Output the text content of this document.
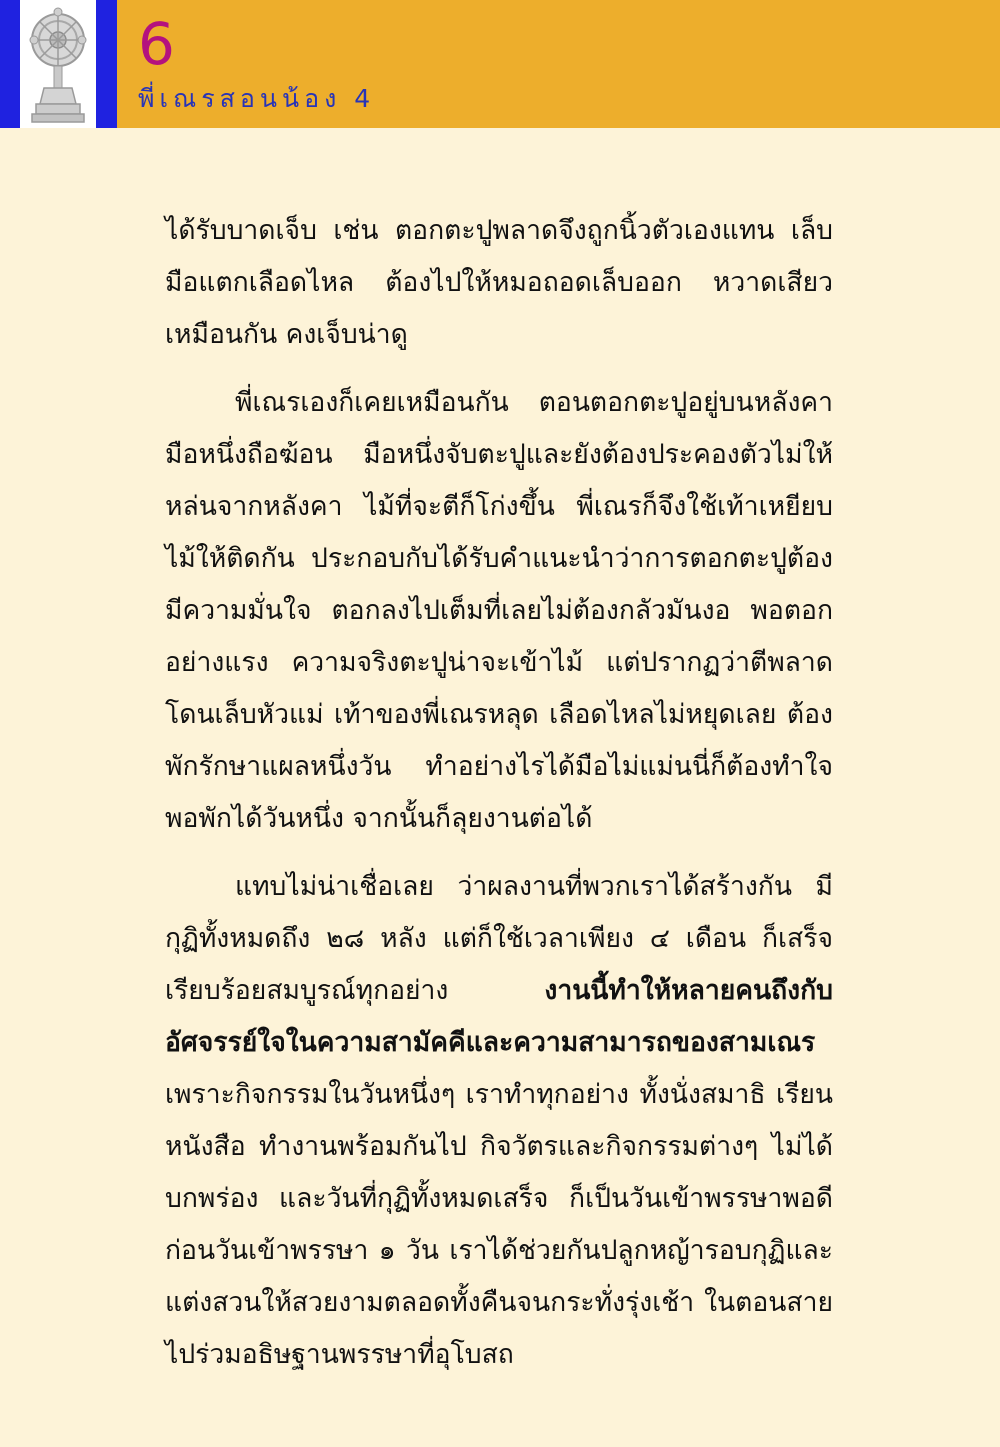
6
พี่เณรสอนน้อง 4

ได้รับบาดเจ็บ เช่น ตอกตะปูพลาดจึงถูกนิ้วตัวเองแทน เล็บมือแตกเลือดไหล ต้องไปให้หมอถอดเล็บออก หวาดเสียวเหมือนกัน คงเจ็บน่าดู

พี่เณรเองก็เคยเหมือนกัน ตอนตอกตะปูอยู่บนหลังคา มือหนึ่งถือฆ้อน มือหนึ่งจับตะปูและยังต้องประคองตัวไม่ให้หล่นจากหลังคา ไม้ที่จะตีก็โก่งขึ้น พี่เณรก็จึงใช้เท้าเหยียบไม้ให้ติดกัน ประกอบกับได้รับคำแนะนำว่าการตอกตะปูต้องมีความมั่นใจ ตอกลงไปเต็มที่เลยไม่ต้องกลัวมันงอ พอตอกอย่างแรง ความจริงตะปูน่าจะเข้าไม้ แต่ปรากฏว่าตีพลาด โดนเล็บหัวแม่ เท้าของพี่เณรหลุด เลือดไหลไม่หยุดเลย ต้องพักรักษาแผลหนึ่งวัน ทำอย่างไรได้มือไม่แม่นนี่ก็ต้องทำใจ พอพักได้วันหนึ่ง จากนั้นก็ลุยงานต่อได้

แทบไม่น่าเชื่อเลย ว่าผลงานที่พวกเราได้สร้างกัน มีกุฏิทั้งหมดถึง ๒๘ หลัง แต่ก็ใช้เวลาเพียง ๔ เดือน ก็เสร็จเรียบร้อยสมบูรณ์ทุกอย่าง งานนี้ทำให้หลายคนถึงกับอัศจรรย์ใจในความสามัคคีและความสามารถของสามเณร เพราะกิจกรรมในวันหนึ่งๆ เราทำทุกอย่าง ทั้งนั่งสมาธิ เรียนหนังสือ ทำงานพร้อมกันไป กิจวัตรและกิจกรรมต่างๆ ไม่ได้บกพร่อง และวันที่กุฏิทั้งหมดเสร็จ ก็เป็นวันเข้าพรรษาพอดี ก่อนวันเข้าพรรษา ๑ วัน เราได้ช่วยกันปลูกหญ้ารอบกุฏิและแต่งสวนให้สวยงามตลอดทั้งคืนจนกระทั่งรุ่งเช้า ในตอนสายไปร่วมอธิษฐานพรรษาที่อุโบสถ
